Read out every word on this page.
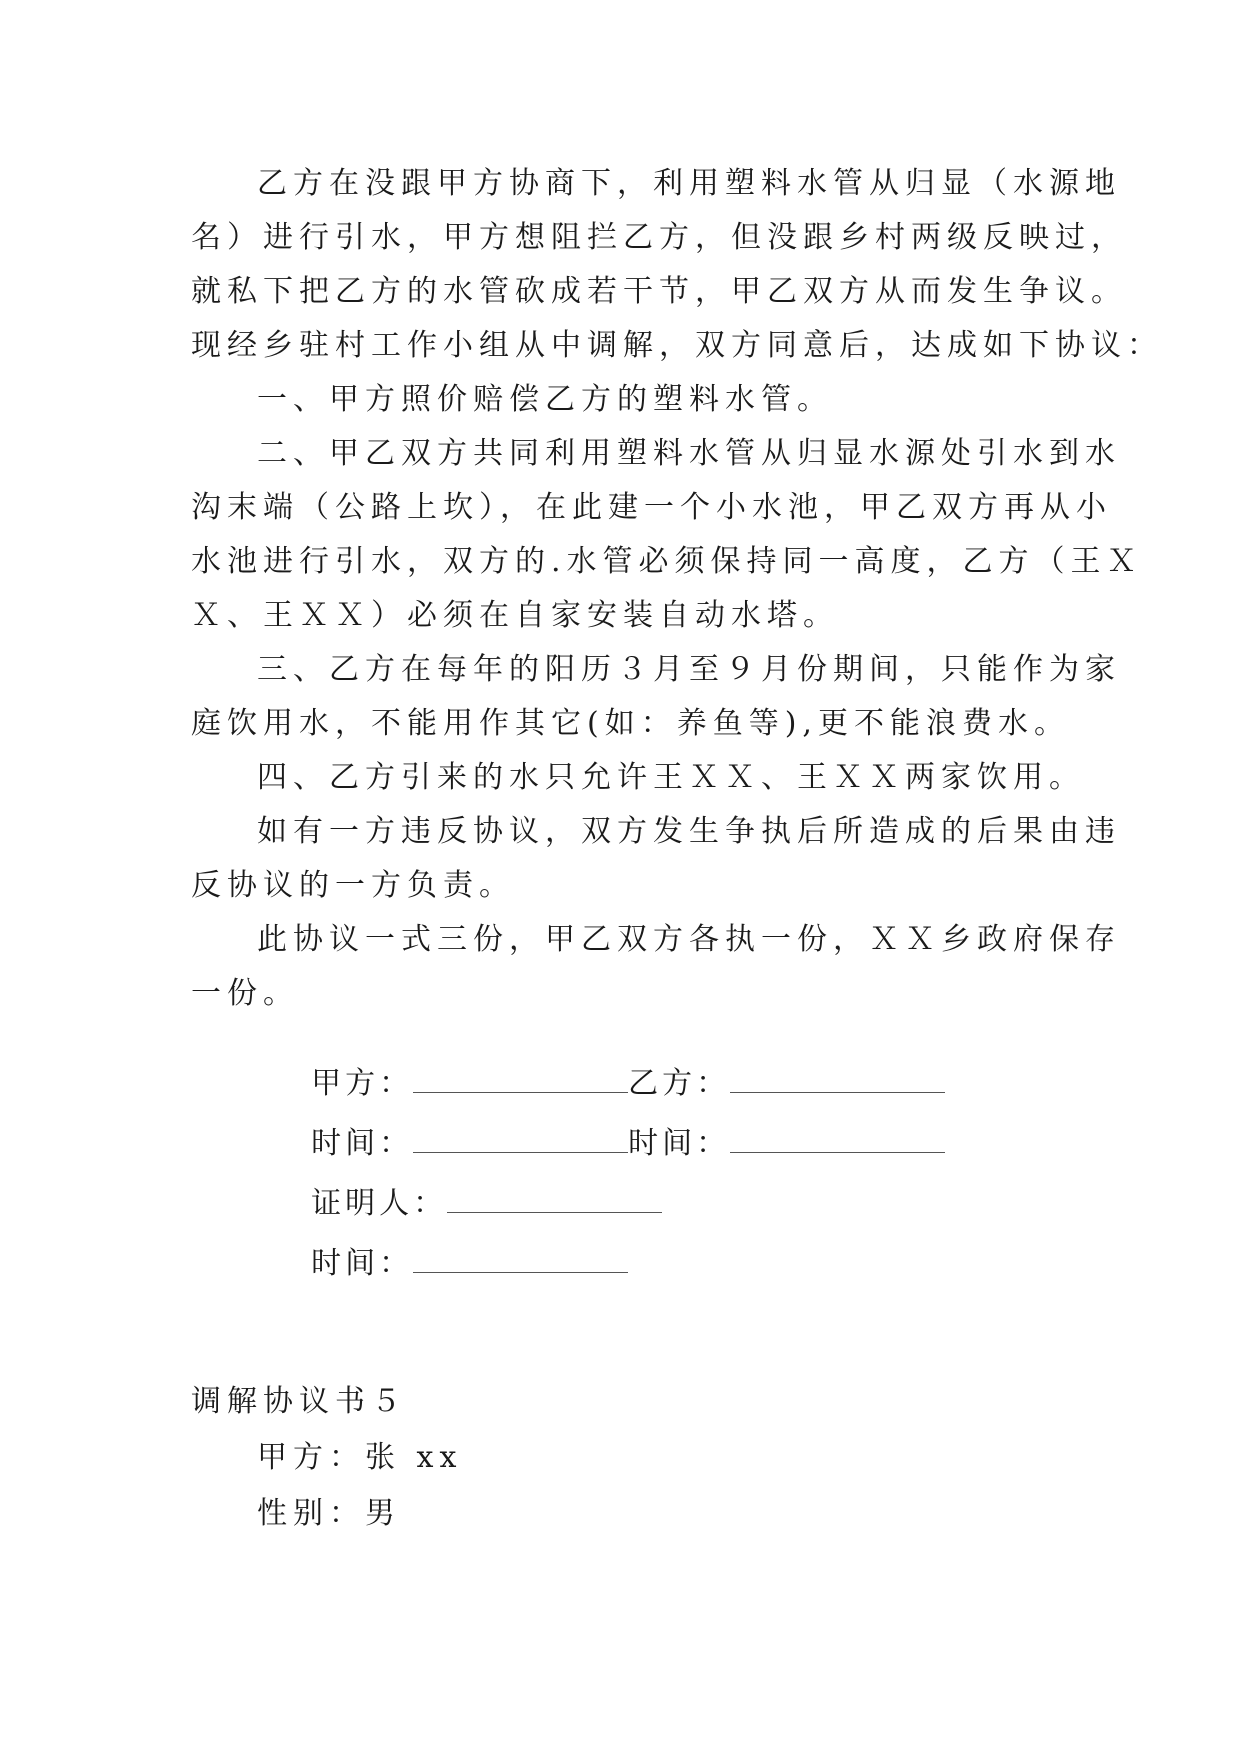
乙方在没跟甲方协商下，利用塑料水管从归显（水源地
名）进行引水，甲方想阻拦乙方，但没跟乡村两级反映过，
就私下把乙方的水管砍成若干节，甲乙双方从而发生争议。
现经乡驻村工作小组从中调解，双方同意后，达成如下协议：
一、甲方照价赔偿乙方的塑料水管。
二、甲乙双方共同利用塑料水管从归显水源处引水到水
沟末端（公路上坎），在此建一个小水池，甲乙双方再从小
水池进行引水，双方的.水管必须保持同一高度，乙方（王Ｘ
Ｘ、王ＸＸ）必须在自家安装自动水塔。
三、乙方在每年的阳历３月至９月份期间，只能作为家
庭饮用水，不能用作其它(如：养鱼等),更不能浪费水。
四、乙方引来的水只允许王ＸＸ、王ＸＸ两家饮用。
如有一方违反协议，双方发生争执后所造成的后果由违
反协议的一方负责。
此协议一式三份，甲乙双方各执一份，ＸＸ乡政府保存
一份。

甲方：	乙方：

时间：	时间：

证明人：

时间：

调解协议书５
甲方：张 xx
性别：男
